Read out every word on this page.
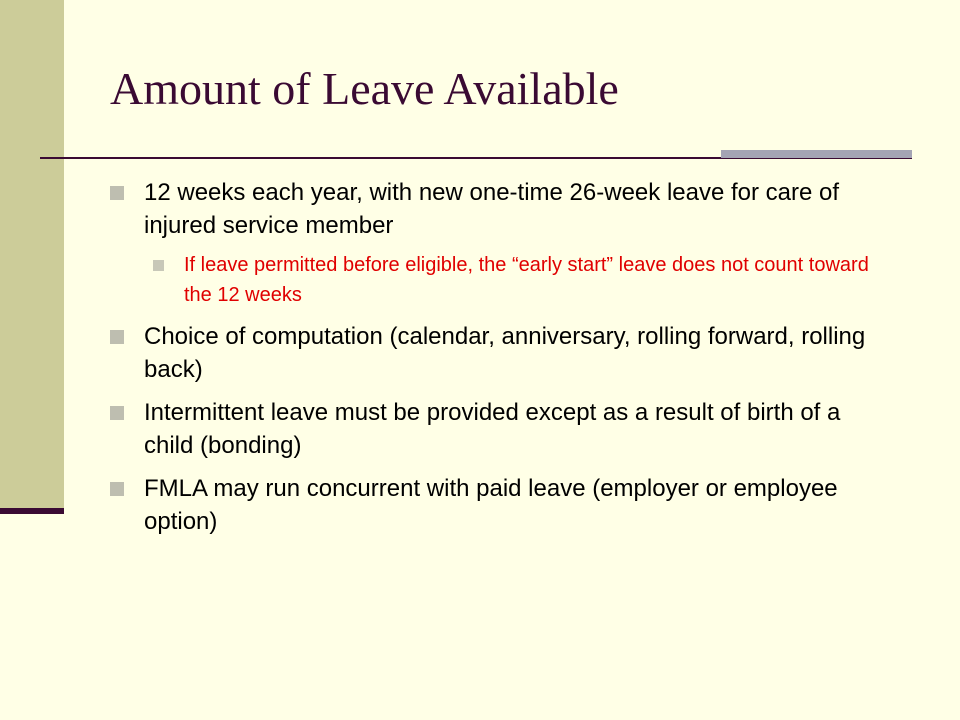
Amount of Leave Available
12 weeks each year, with new one-time 26-week leave for care of injured service member
If leave permitted before eligible, the “early start” leave does not count toward the 12 weeks
Choice of computation (calendar, anniversary, rolling forward, rolling back)
Intermittent leave must be provided except as a result of birth of a child (bonding)
FMLA may run concurrent with paid leave (employer or employee option)
